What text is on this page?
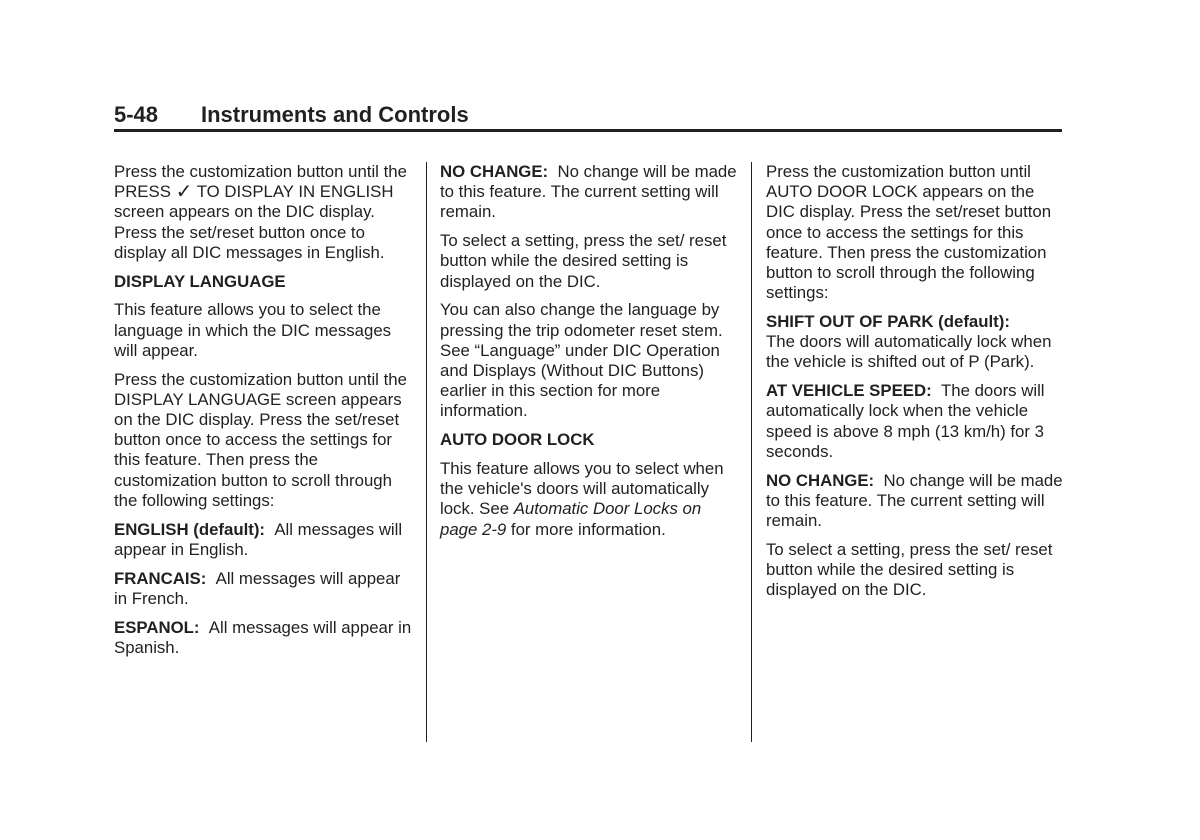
5-48 Instruments and Controls

Press the customization button until the PRESS ✓ TO DISPLAY IN ENGLISH screen appears on the DIC display. Press the set/reset button once to display all DIC messages in English.

DISPLAY LANGUAGE

This feature allows you to select the language in which the DIC messages will appear.

Press the customization button until the DISPLAY LANGUAGE screen appears on the DIC display. Press the set/reset button once to access the settings for this feature. Then press the customization button to scroll through the following settings:

ENGLISH (default): All messages will appear in English.

FRANCAIS: All messages will appear in French.

ESPANOL: All messages will appear in Spanish.

NO CHANGE: No change will be made to this feature. The current setting will remain.

To select a setting, press the set/ reset button while the desired setting is displayed on the DIC.

You can also change the language by pressing the trip odometer reset stem. See “Language” under DIC Operation and Displays (Without DIC Buttons) earlier in this section for more information.

AUTO DOOR LOCK

This feature allows you to select when the vehicle's doors will automatically lock. See Automatic Door Locks on page 2-9 for more information.

Press the customization button until AUTO DOOR LOCK appears on the DIC display. Press the set/reset button once to access the settings for this feature. Then press the customization button to scroll through the following settings:

SHIFT OUT OF PARK (default):
The doors will automatically lock when the vehicle is shifted out of P (Park).

AT VEHICLE SPEED: The doors will automatically lock when the vehicle speed is above 8 mph (13 km/h) for 3 seconds.

NO CHANGE: No change will be made to this feature. The current setting will remain.

To select a setting, press the set/ reset button while the desired setting is displayed on the DIC.
